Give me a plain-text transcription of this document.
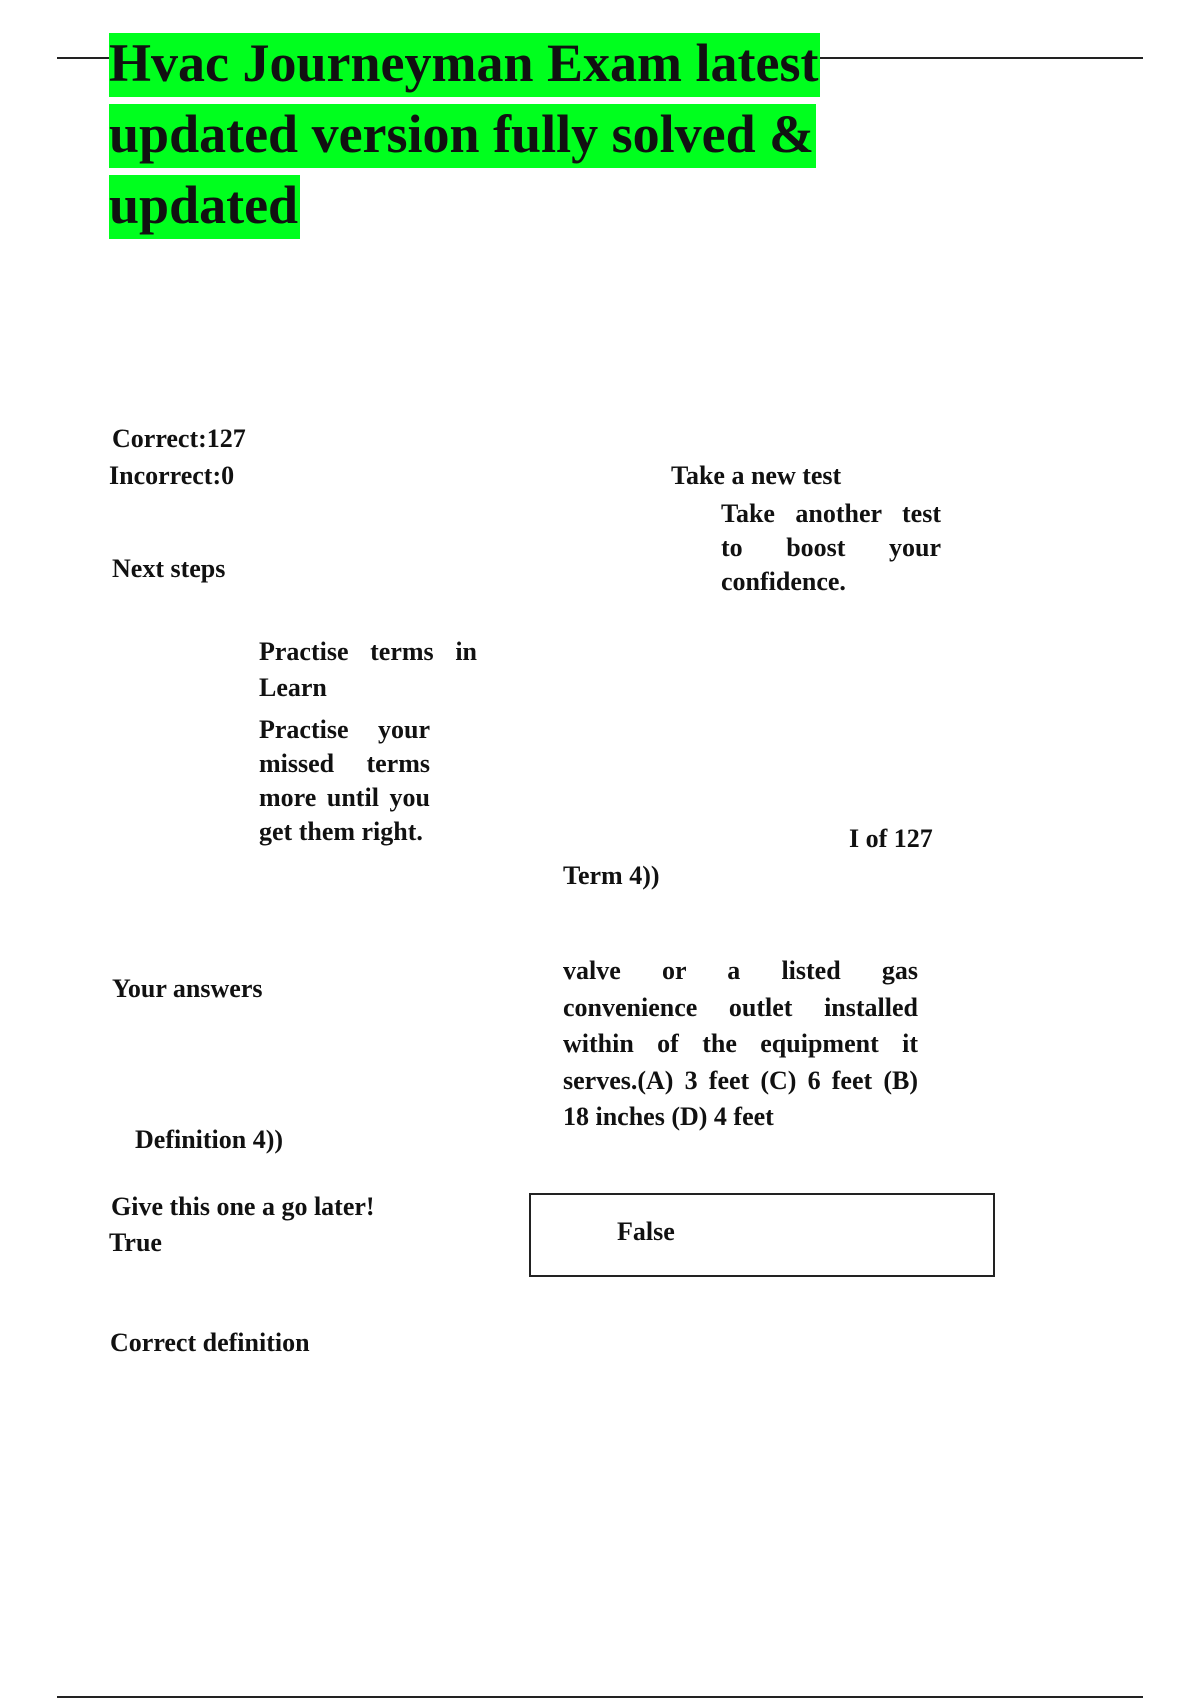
Hvac Journeyman Exam latest
updated version fully solved &
updated

Correct:127

Incorrect:0

Next steps

Take a new test

Take another test to boost your confidence.

Practise terms in Learn

Practise your missed terms more until you get them right.	I of 127

Term 4))

Your answers

valve or a listed gas convenience outlet installed within of the equipment it serves.(A) 3 feet (C) 6 feet (B) 18 inches (D) 4 feet

Definition 4))

Give this one a go later!

True	False

Correct definition
